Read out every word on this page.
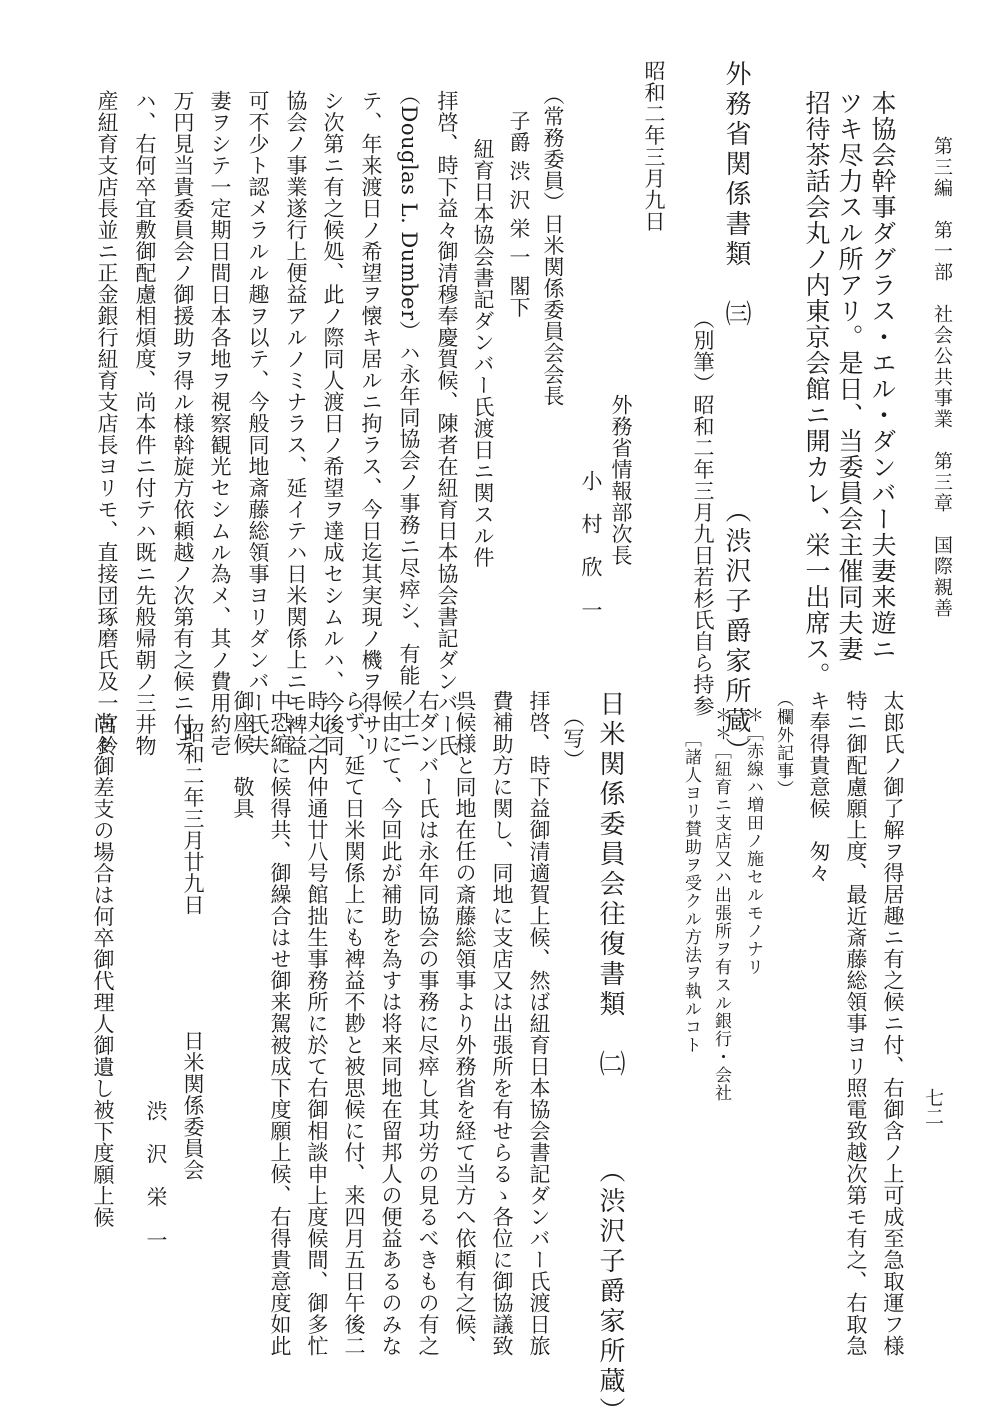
第三編　第一部　社会公共事業　第三章　国際親善
七二
本協会幹事ダグラス・エル・ダンバー夫妻来遊ニ
ツキ尽力スル所アリ。是日、当委員会主催同夫妻
招待茶話会丸ノ内東京会館ニ開カレ、栄一出席ス。
外務省関係書類　㈢　　　　　　（渋沢子爵家所蔵）
（別筆）昭和二年三月九日若杉氏自ら持参
外務省情報部次長
小　村　欣　一
昭和二年三月九日
（常務委員）日米関係委員会会長
子爵 渋 沢 栄 一 閣下
紐育日本協会書記ダンバー氏渡日ニ関スル件
拝啓、時下益々御清穆奉慶賀候、陳者在紐育日本協会書記ダンバー氏
（Douglas L. Dumber）ハ永年同協会ノ事務ニ尽瘁シ、有能ノ士ニ
テ、年来渡日ノ希望ヲ懐キ居ルニ拘ラス、今日迄其実現ノ機ヲ得サリ
シ次第ニ有之候処、此ノ際同人渡日ノ希望ヲ達成セシムルハ、今後同
協会ノ事業遂行上便益アルノミナラス、延イテハ日米関係上ニモ裨益
可不少ト認メラルル趣ヲ以テ、今般同地斎藤総領事ヨリダンバー氏夫
妻ヲシテ一定期日間日本各地ヲ視察観光セシムル為メ、其ノ費用約壱
万円見当貴委員会ノ御援助ヲ得ル様斡旋方依頼越ノ次第有之候ニ付テ
ハ、右何卒宜敷御配慮相煩度、尚本件ニ付テハ既ニ先般帰朝ノ三井物
産紐育支店長並ニ正金銀行紐育支店長ヨリモ、直接団琢磨氏及一宮鈴
太郎氏ノ御了解ヲ得居趣ニ有之候ニ付、右御含ノ上可成至急取運フ様
特ニ御配慮願上度、最近斎藤総領事ヨリ照電致越次第モ有之、右取急
キ奉得貴意候　匆々
（欄外記事）
＊［赤線ハ増田ノ施セルモノナリ
＊＊［紐育ニ支店又ハ出張所ヲ有スル銀行・会社
［諸人ヨリ賛助ヲ受クル方法ヲ執ルコト
日米関係委員会往復書類　㈡　　　（渋沢子爵家所蔵）
（写）
拝啓、時下益御清適賀上候、然ば紐育日本協会書記ダンバー氏渡日旅
費補助方に関し、同地に支店又は出張所を有せらるゝ各位に御協議致
呉候様と同地在任の斎藤総領事より外務省を経て当方へ依頼有之候、
右ダンバー氏は永年同協会の事務に尽瘁し其功労の見るべきもの有之
候由にて、今回此が補助を為すは将来同地在留邦人の便益あるのみな
らず、延て日米関係上にも裨益不尠と被思候に付、来四月五日午後二
時丸之内仲通廿八号館拙生事務所に於て右御相談申上度候間、御多忙
中恐縮に候得共、御繰合はせ御来駕被成下度願上候、右得貴意度如此
御座候　敬具
昭和二年三月廿九日
日米関係委員会
渋　沢　栄　一
尚々御差支の場合は何卒御代理人御遺し被下度願上候
